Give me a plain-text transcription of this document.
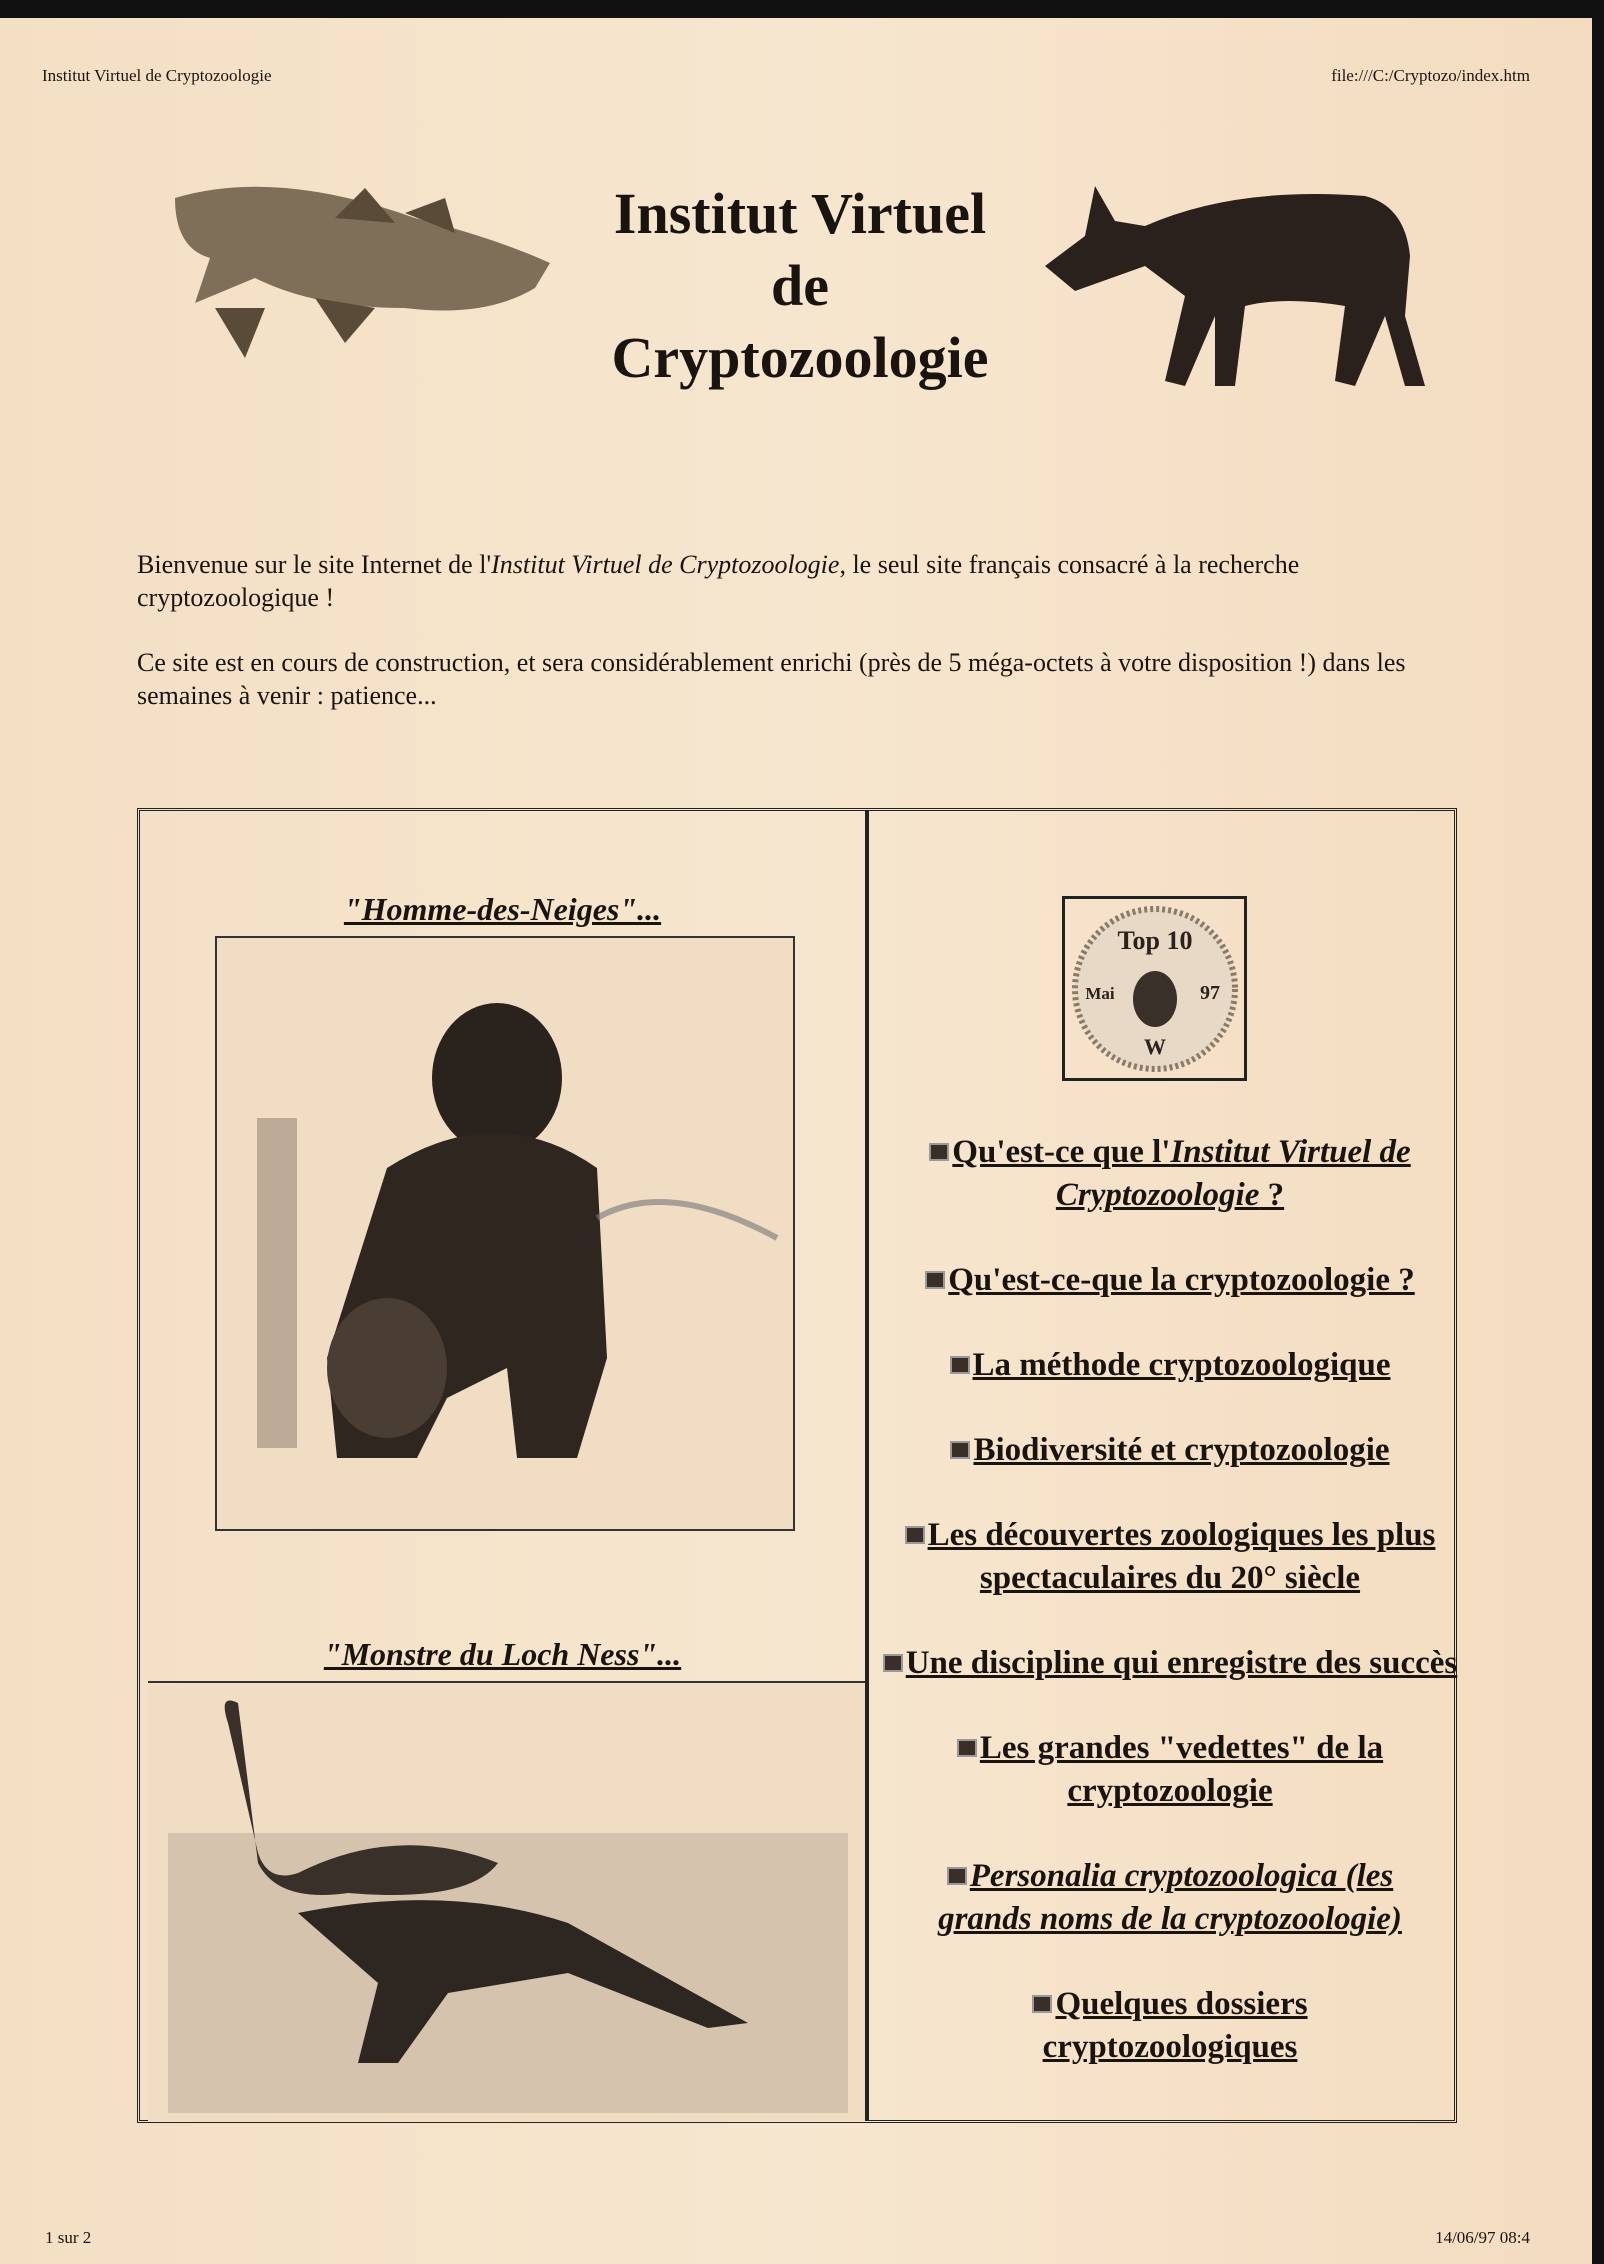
Institut Virtuel de Cryptozoologie	file:///C:/Cryptozo/index.htm
Institut Virtuel
de
Cryptozoologie

Bienvenue sur le site Internet de l'Institut Virtuel de Cryptozoologie, le seul site français consacré à la recherche cryptozoologique !

Ce site est en cours de construction, et sera considérablement enrichi (près de 5 méga-octets à votre disposition !) dans les semaines à venir : patience...

"Homme-des-Neiges"...
"Monstre du Loch Ness"...
Top 10
Mai	97
W
Qu'est-ce que l'Institut Virtuel de Cryptozoologie ?
Qu'est-ce-que la cryptozoologie ?
La méthode cryptozoologique
Biodiversité et cryptozoologie
Les découvertes zoologiques les plus spectaculaires du 20° siècle
Une discipline qui enregistre des succès
Les grandes "vedettes" de la cryptozoologie
Personalia cryptozoologica (les grands noms de la cryptozoologie)
Quelques dossiers cryptozoologiques
1 sur 2	14/06/97 08:4
